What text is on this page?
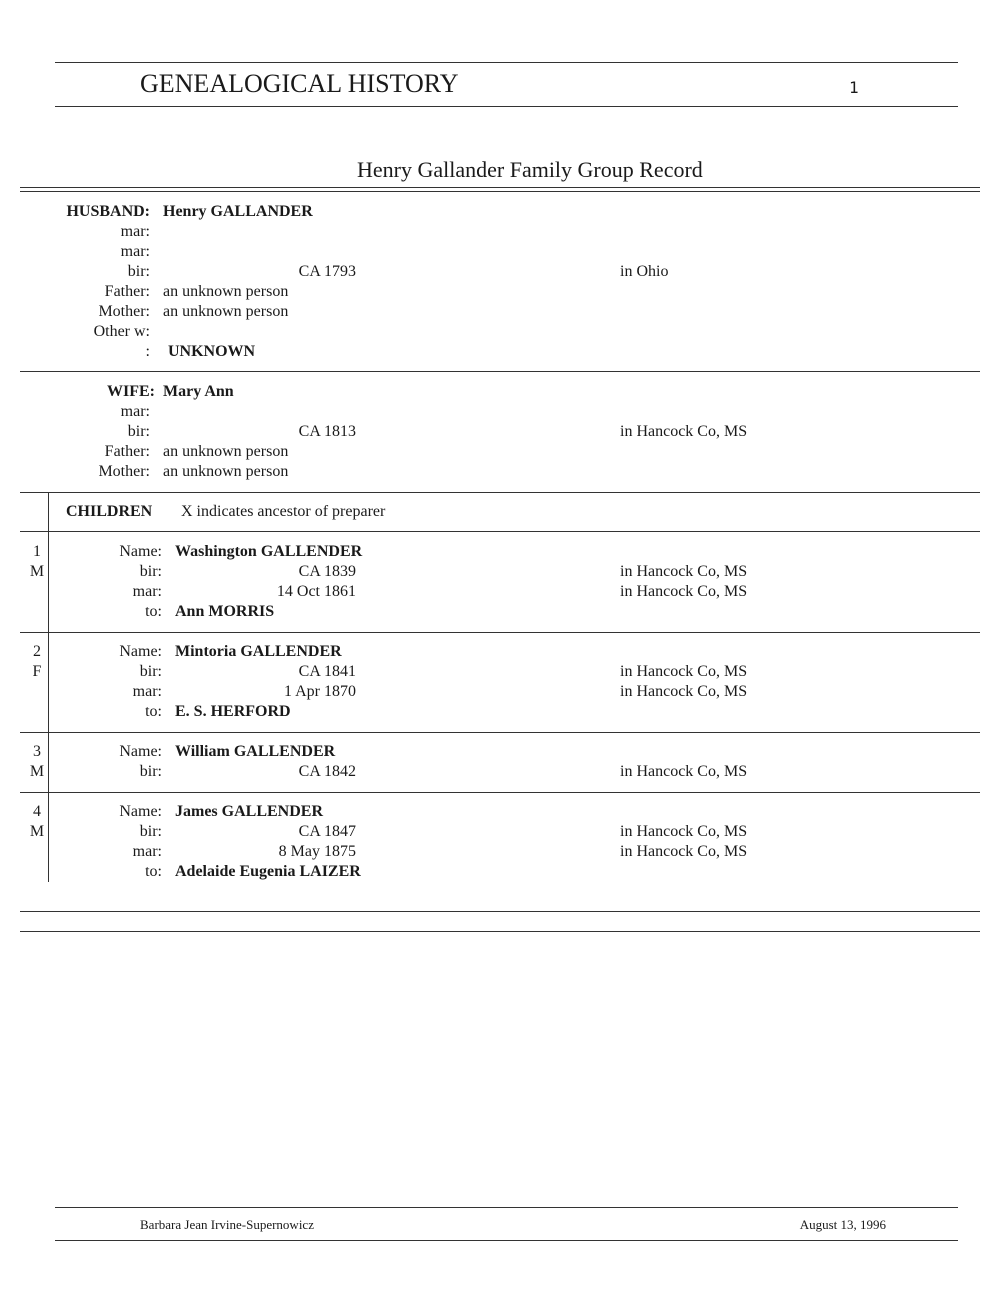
GENEALOGICAL HISTORY	1
Henry Gallander Family Group Record
HUSBAND: Henry GALLANDER
mar:
mar:
bir:	CA 1793	in Ohio
Father: an unknown person
Mother: an unknown person
Other w:
: UNKNOWN
WIFE: Mary Ann
mar:
bir:	CA 1813	in Hancock Co, MS
Father: an unknown person
Mother: an unknown person
CHILDREN X indicates ancestor of preparer
1
M
Name: Washington GALLENDER
bir:	CA 1839	in Hancock Co, MS
mar:	14 Oct 1861	in Hancock Co, MS
to: Ann MORRIS
2
F
Name: Mintoria GALLENDER
bir:	CA 1841	in Hancock Co, MS
mar:	1 Apr 1870	in Hancock Co, MS
to: E. S. HERFORD
3
M
Name: William GALLENDER
bir:	CA 1842	in Hancock Co, MS
4
M
Name: James GALLENDER
bir:	CA 1847	in Hancock Co, MS
mar:	8 May 1875	in Hancock Co, MS
to: Adelaide Eugenia LAIZER
Barbara Jean Irvine-Supernowicz	August 13, 1996
